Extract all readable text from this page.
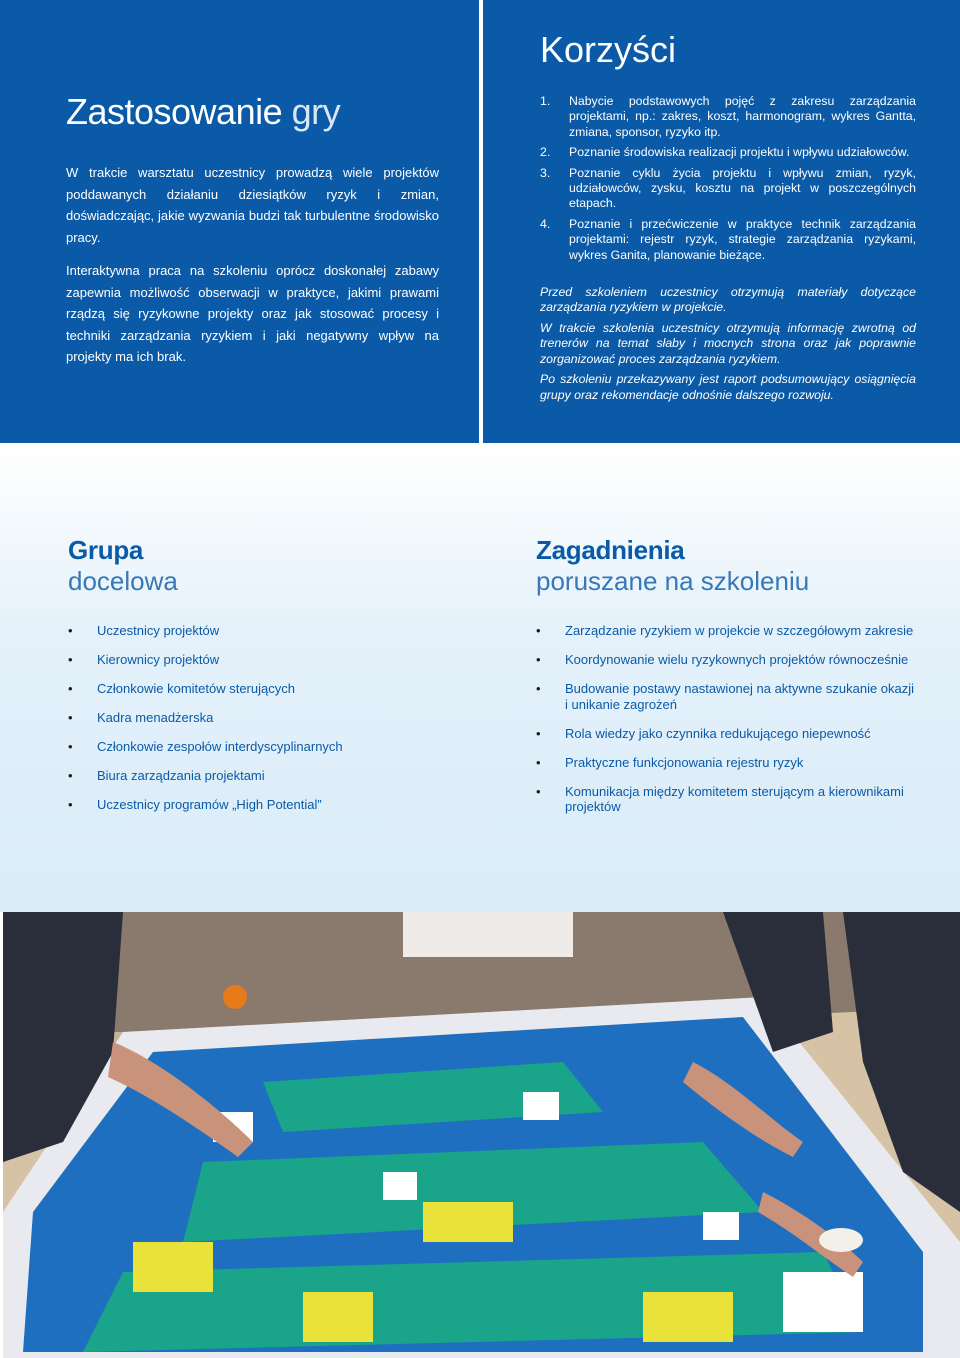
Zastosowanie gry

W trakcie warsztatu uczestnicy prowadzą wiele projektów poddawanych działaniu dziesiątków ryzyk i zmian, doświadczając, jakie wyzwania budzi tak turbulentne środowisko pracy.

Interaktywna praca na szkoleniu oprócz doskonałej zabawy zapewnia możliwość obserwacji w praktyce, jakimi prawami rządzą się ryzykowne projekty oraz jak stosować procesy i techniki zarządzania ryzykiem i jaki negatywny wpływ na projekty ma ich brak.

Korzyści
1.	Nabycie podstawowych pojęć z zakresu zarządzania projektami, np.: zakres, koszt, harmonogram, wykres Gantta, zmiana, sponsor, ryzyko itp.
2.	Poznanie środowiska realizacji projektu i wpływu udziałowców.
3.	Poznanie cyklu życia projektu i wpływu zmian, ryzyk, udziałowców, zysku, kosztu na projekt w poszczególnych etapach.
4.	Poznanie i przećwiczenie w praktyce technik zarządzania projektami: rejestr ryzyk, strategie zarządzania ryzykami, wykres Ganita, planowanie bieżące.

Przed szkoleniem uczestnicy otrzymują materiały dotyczące zarządzania ryzykiem w projekcie.

W trakcie szkolenia uczestnicy otrzymują informację zwrotną od trenerów na temat słaby i mocnych strona oraz jak poprawnie zorganizować proces zarządzania ryzykiem.

Po szkoleniu przekazywany jest raport podsumowujący osiągnięcia grupy oraz rekomendacje odnośnie dalszego rozwoju.

Grupa
docelowa
• Uczestnicy projektów
• Kierownicy projektów
• Członkowie komitetów sterujących
• Kadra menadżerska
• Członkowie zespołów interdyscyplinarnych
• Biura zarządzania projektami
• Uczestnicy programów „High Potential”
Zagadnienia
poruszane na szkoleniu
• Zarządzanie ryzykiem w projekcie w szczegółowym zakresie
• Koordynowanie wielu ryzykownych projektów równocześnie
• Budowanie postawy nastawionej na aktywne szukanie okazji i unikanie zagrożeń
• Rola wiedzy jako czynnika redukującego niepewność
• Praktyczne funkcjonowania rejestru ryzyk
• Komunikacja między komitetem sterującym a kierownikami projektów
